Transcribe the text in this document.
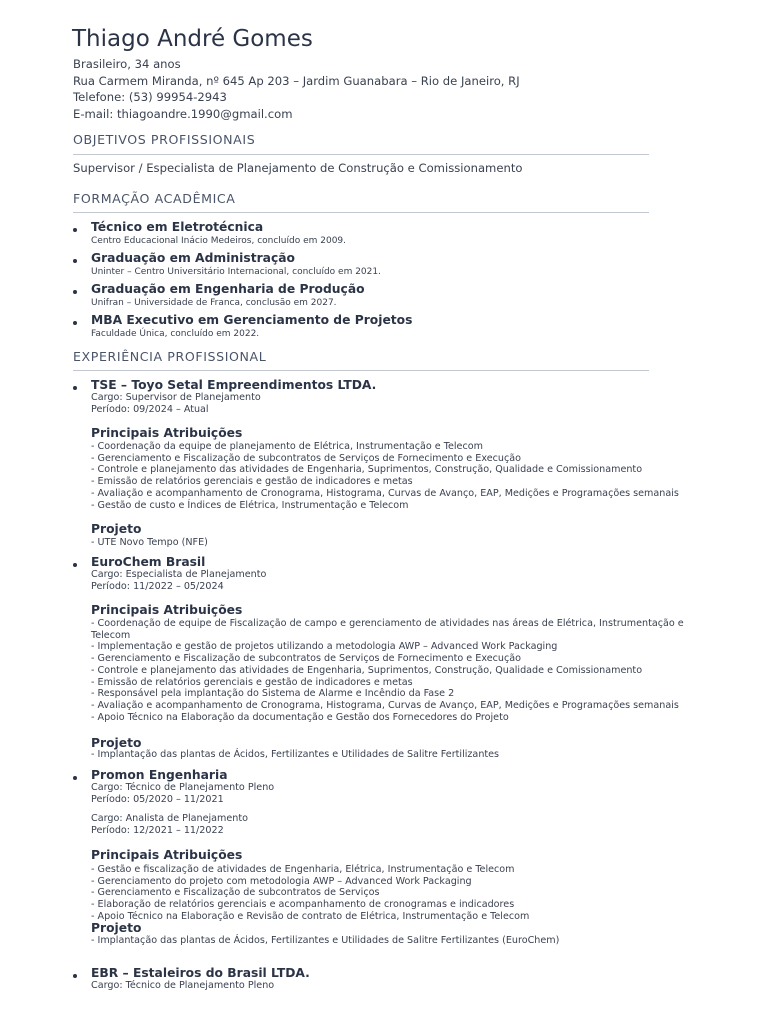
Thiago André Gomes
Brasileiro, 34 anos
Rua Carmem Miranda, nº 645 Ap 203 – Jardim Guanabara – Rio de Janeiro, RJ
Telefone: (53) 99954-2943
E-mail: thiagoandre.1990@gmail.com
OBJETIVOS PROFISSIONAIS
Supervisor / Especialista de Planejamento de Construção e Comissionamento
FORMAÇÃO ACADÊMICA
Técnico em Eletrotécnica
Centro Educacional Inácio Medeiros, concluído em 2009.
Graduação em Administração
Uninter – Centro Universitário Internacional, concluído em 2021.
Graduação em Engenharia de Produção
Unifran – Universidade de Franca, conclusão em 2027.
MBA Executivo em Gerenciamento de Projetos
Faculdade Única, concluído em 2022.
EXPERIÊNCIA PROFISSIONAL
TSE – Toyo Setal Empreendimentos LTDA.
Cargo: Supervisor de Planejamento
Período: 09/2024 – Atual
Principais Atribuições
- Coordenação da equipe de planejamento de Elétrica, Instrumentação e Telecom
- Gerenciamento e Fiscalização de subcontratos de Serviços de Fornecimento e Execução
- Controle e planejamento das atividades de Engenharia, Suprimentos, Construção, Qualidade e Comissionamento
- Emissão de relatórios gerenciais e gestão de indicadores e metas
- Avaliação e acompanhamento de Cronograma, Histograma, Curvas de Avanço, EAP, Medições e Programações semanais
- Gestão de custo e Índices de Elétrica, Instrumentação e Telecom
Projeto
- UTE Novo Tempo (NFE)
EuroChem Brasil
Cargo: Especialista de Planejamento
Período: 11/2022 – 05/2024
Principais Atribuições
- Coordenação de equipe de Fiscalização de campo e gerenciamento de atividades nas áreas de Elétrica, Instrumentação e Telecom
- Implementação e gestão de projetos utilizando a metodologia AWP – Advanced Work Packaging
- Gerenciamento e Fiscalização de subcontratos de Serviços de Fornecimento e Execução
- Controle e planejamento das atividades de Engenharia, Suprimentos, Construção, Qualidade e Comissionamento
- Emissão de relatórios gerenciais e gestão de indicadores e metas
- Responsável pela implantação do Sistema de Alarme e Incêndio da Fase 2
- Avaliação e acompanhamento de Cronograma, Histograma, Curvas de Avanço, EAP, Medições e Programações semanais
- Apoio Técnico na Elaboração da documentação e Gestão dos Fornecedores do Projeto
Projeto
- Implantação das plantas de Ácidos, Fertilizantes e Utilidades de Salitre Fertilizantes
Promon Engenharia
Cargo: Técnico de Planejamento Pleno
Período: 05/2020 – 11/2021
Cargo: Analista de Planejamento
Período: 12/2021 – 11/2022
Principais Atribuições
- Gestão e fiscalização de atividades de Engenharia, Elétrica, Instrumentação e Telecom
- Gerenciamento do projeto com metodologia AWP – Advanced Work Packaging
- Gerenciamento e Fiscalização de subcontratos de Serviços
- Elaboração de relatórios gerenciais e acompanhamento de cronogramas e indicadores
- Apoio Técnico na Elaboração e Revisão de contrato de Elétrica, Instrumentação e Telecom
Projeto
- Implantação das plantas de Ácidos, Fertilizantes e Utilidades de Salitre Fertilizantes (EuroChem)
EBR – Estaleiros do Brasil LTDA.
Cargo: Técnico de Planejamento Pleno
